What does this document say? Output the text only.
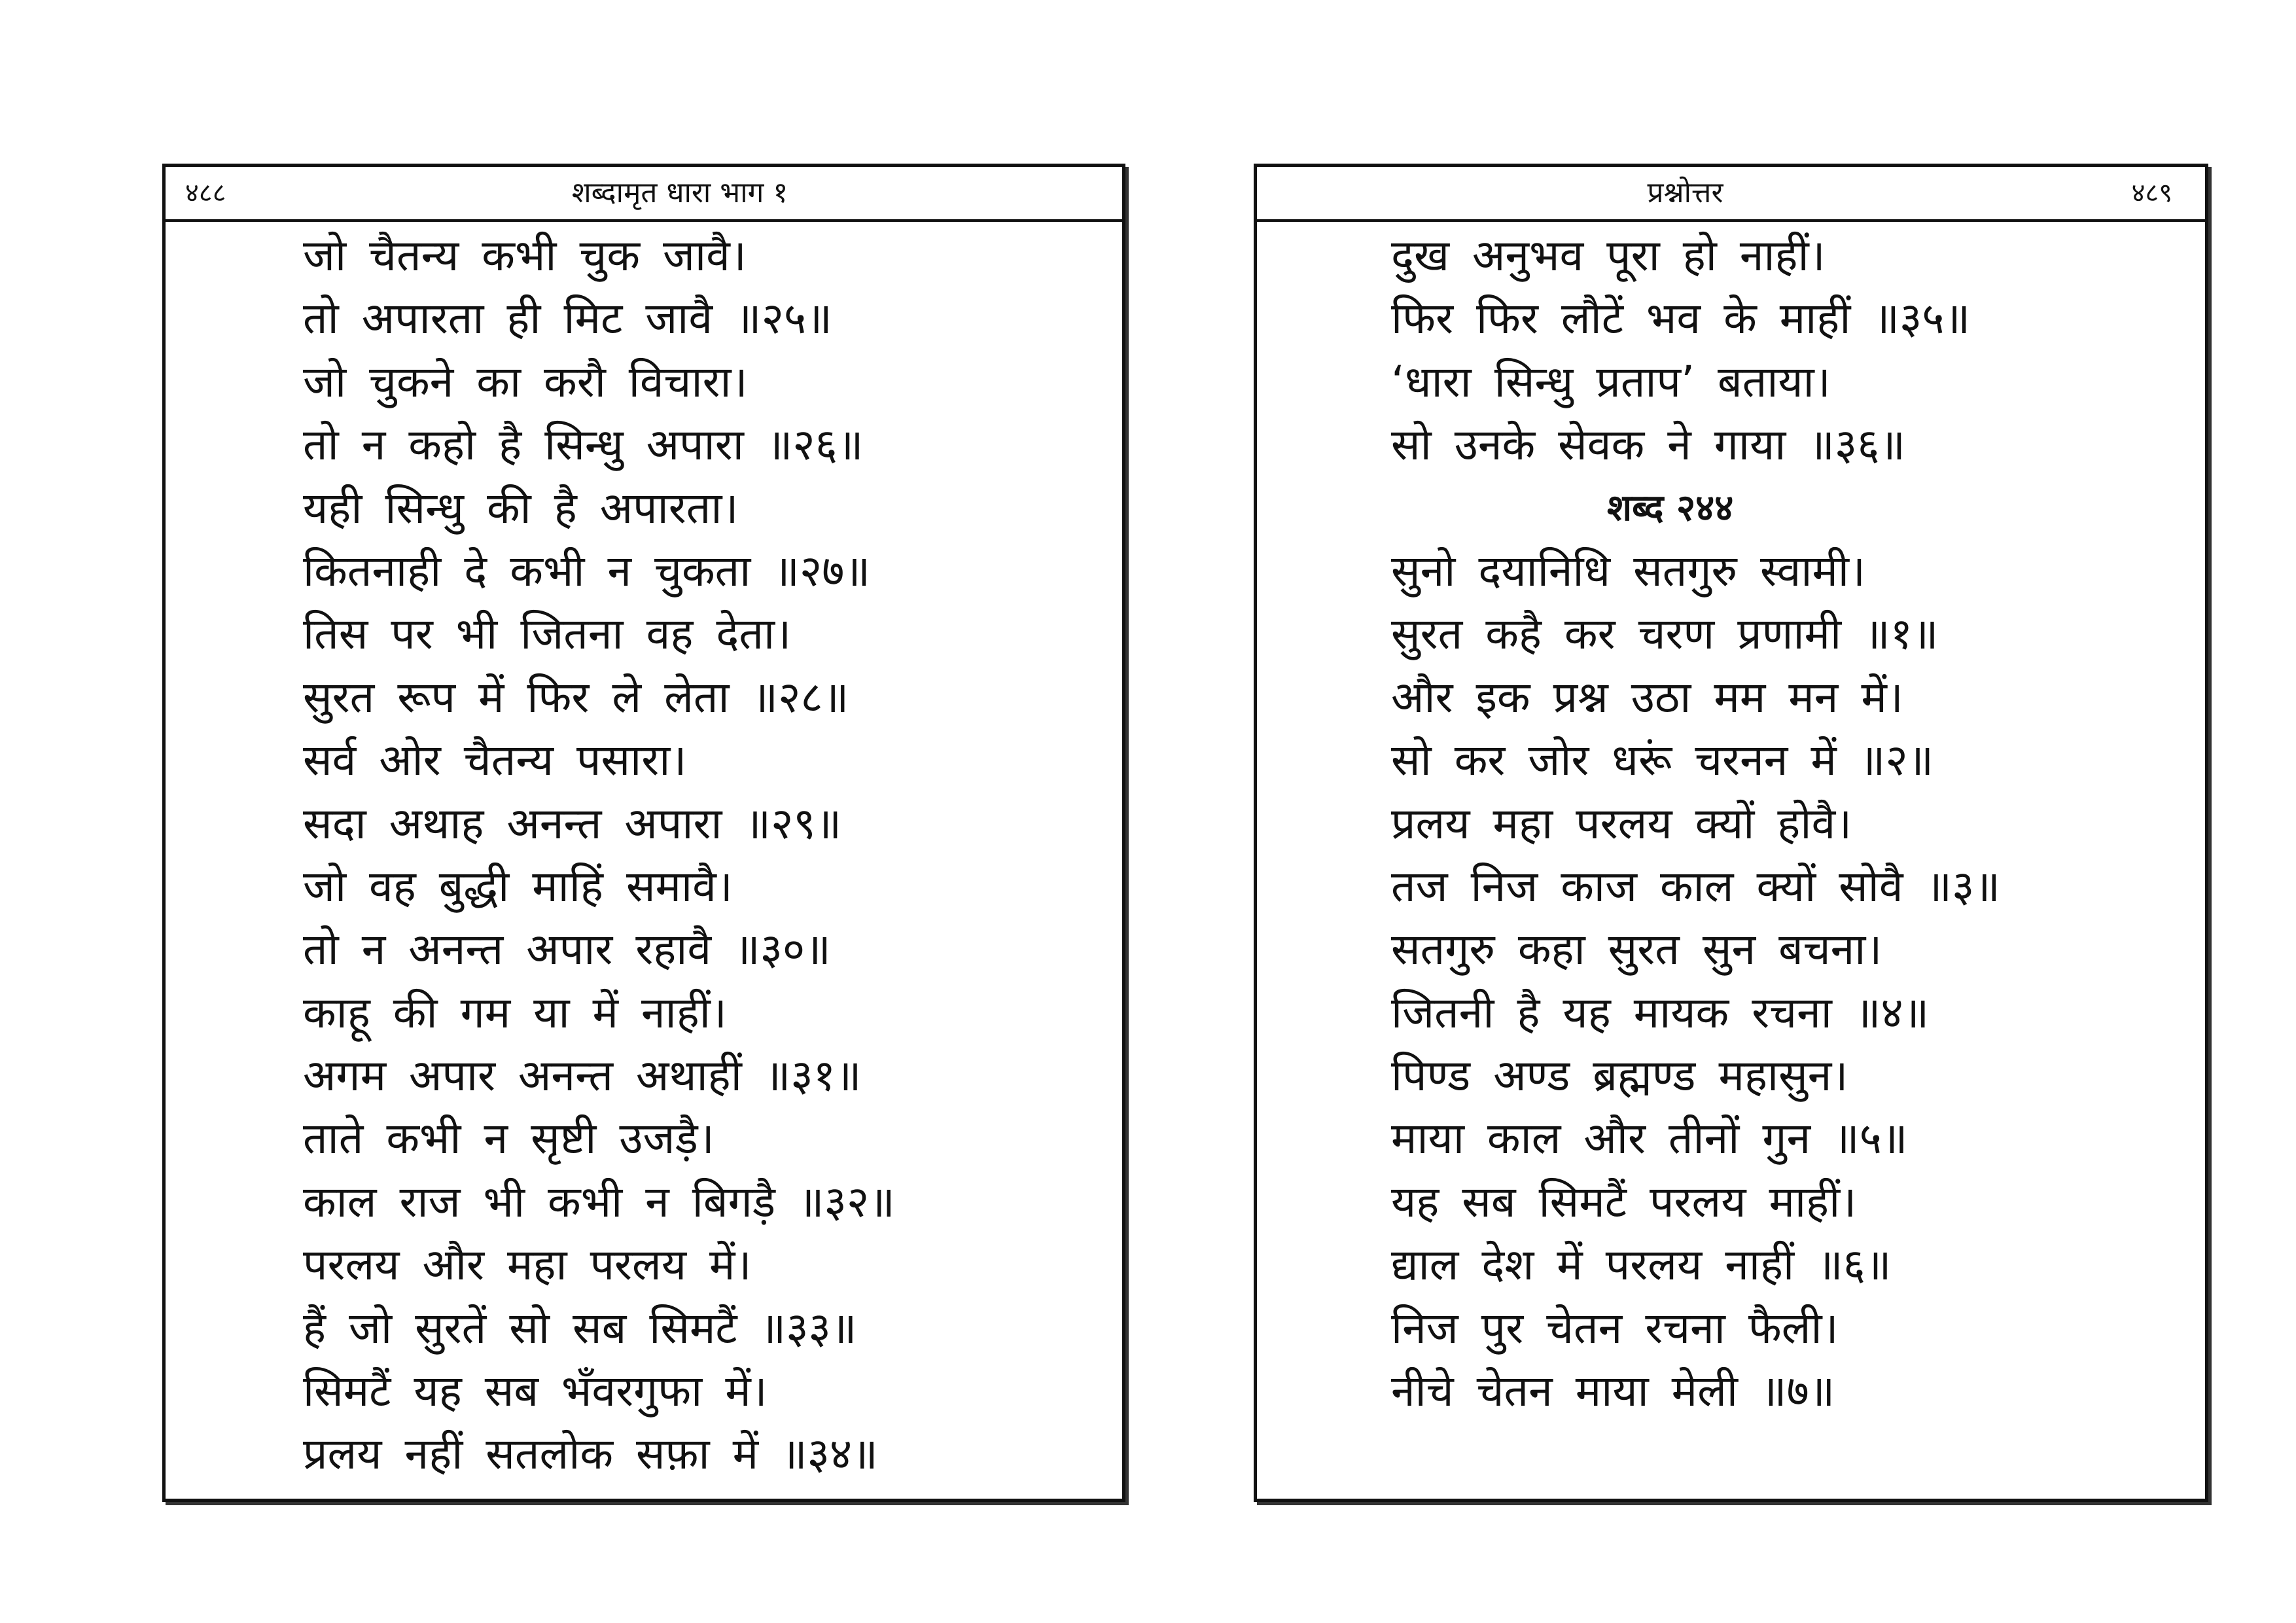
४८८	शब्दामृत धारा भाग १
जो चैतन्य कभी चुक जावै।
तो अपारता ही मिट जावै ॥२५॥
जो चुकने का करौ विचारा।
तो न कहो है सिन्धु अपारा ॥२६॥
यही सिन्धु की है अपारता।
कितनाही दे कभी न चुकता ॥२७॥
तिस पर भी जितना वह देता।
सुरत रूप में फिर ले लेता ॥२८॥
सर्व ओर चैतन्य पसारा।
सदा अथाह अनन्त अपारा ॥२९॥
जो वह बुद्धी माहिं समावै।
तो न अनन्त अपार रहावै ॥३०॥
काहू की गम या में नाहीं।
अगम अपार अनन्त अथाहीं ॥३१॥
ताते कभी न सृष्टी उजड़ै।
काल राज भी कभी न बिगड़ै ॥३२॥
परलय और महा परलय में।
हैं जो सुरतें सो सब सिमटैं ॥३३॥
सिमटैं यह सब भँवरगुफा में।
प्रलय नहीं सतलोक सफ़ा में ॥३४॥
प्रश्नोत्तर	४८९
दुख अनुभव पूरा हो नाहीं।
फिर फिर लौटें भव के माहीं ॥३५॥
‘धारा सिन्धु प्रताप’ बताया।
सो उनके सेवक ने गाया ॥३६॥
शब्द २४४
सुनो दयानिधि सतगुरु स्वामी।
सुरत कहै कर चरण प्रणामी ॥१॥
और इक प्रश्न उठा मम मन में।
सो कर जोर धरूं चरनन में ॥२॥
प्रलय महा परलय क्यों होवै।
तज निज काज काल क्यों सोवै ॥३॥
सतगुरु कहा सुरत सुन बचना।
जितनी है यह मायक रचना ॥४॥
पिण्ड अण्ड ब्रह्मण्ड महासुन।
माया काल और तीनों गुन ॥५॥
यह सब सिमटैं परलय माहीं।
द्याल देश में परलय नाहीं ॥६॥
निज पुर चेतन रचना फैली।
नीचे चेतन माया मेली ॥७॥
